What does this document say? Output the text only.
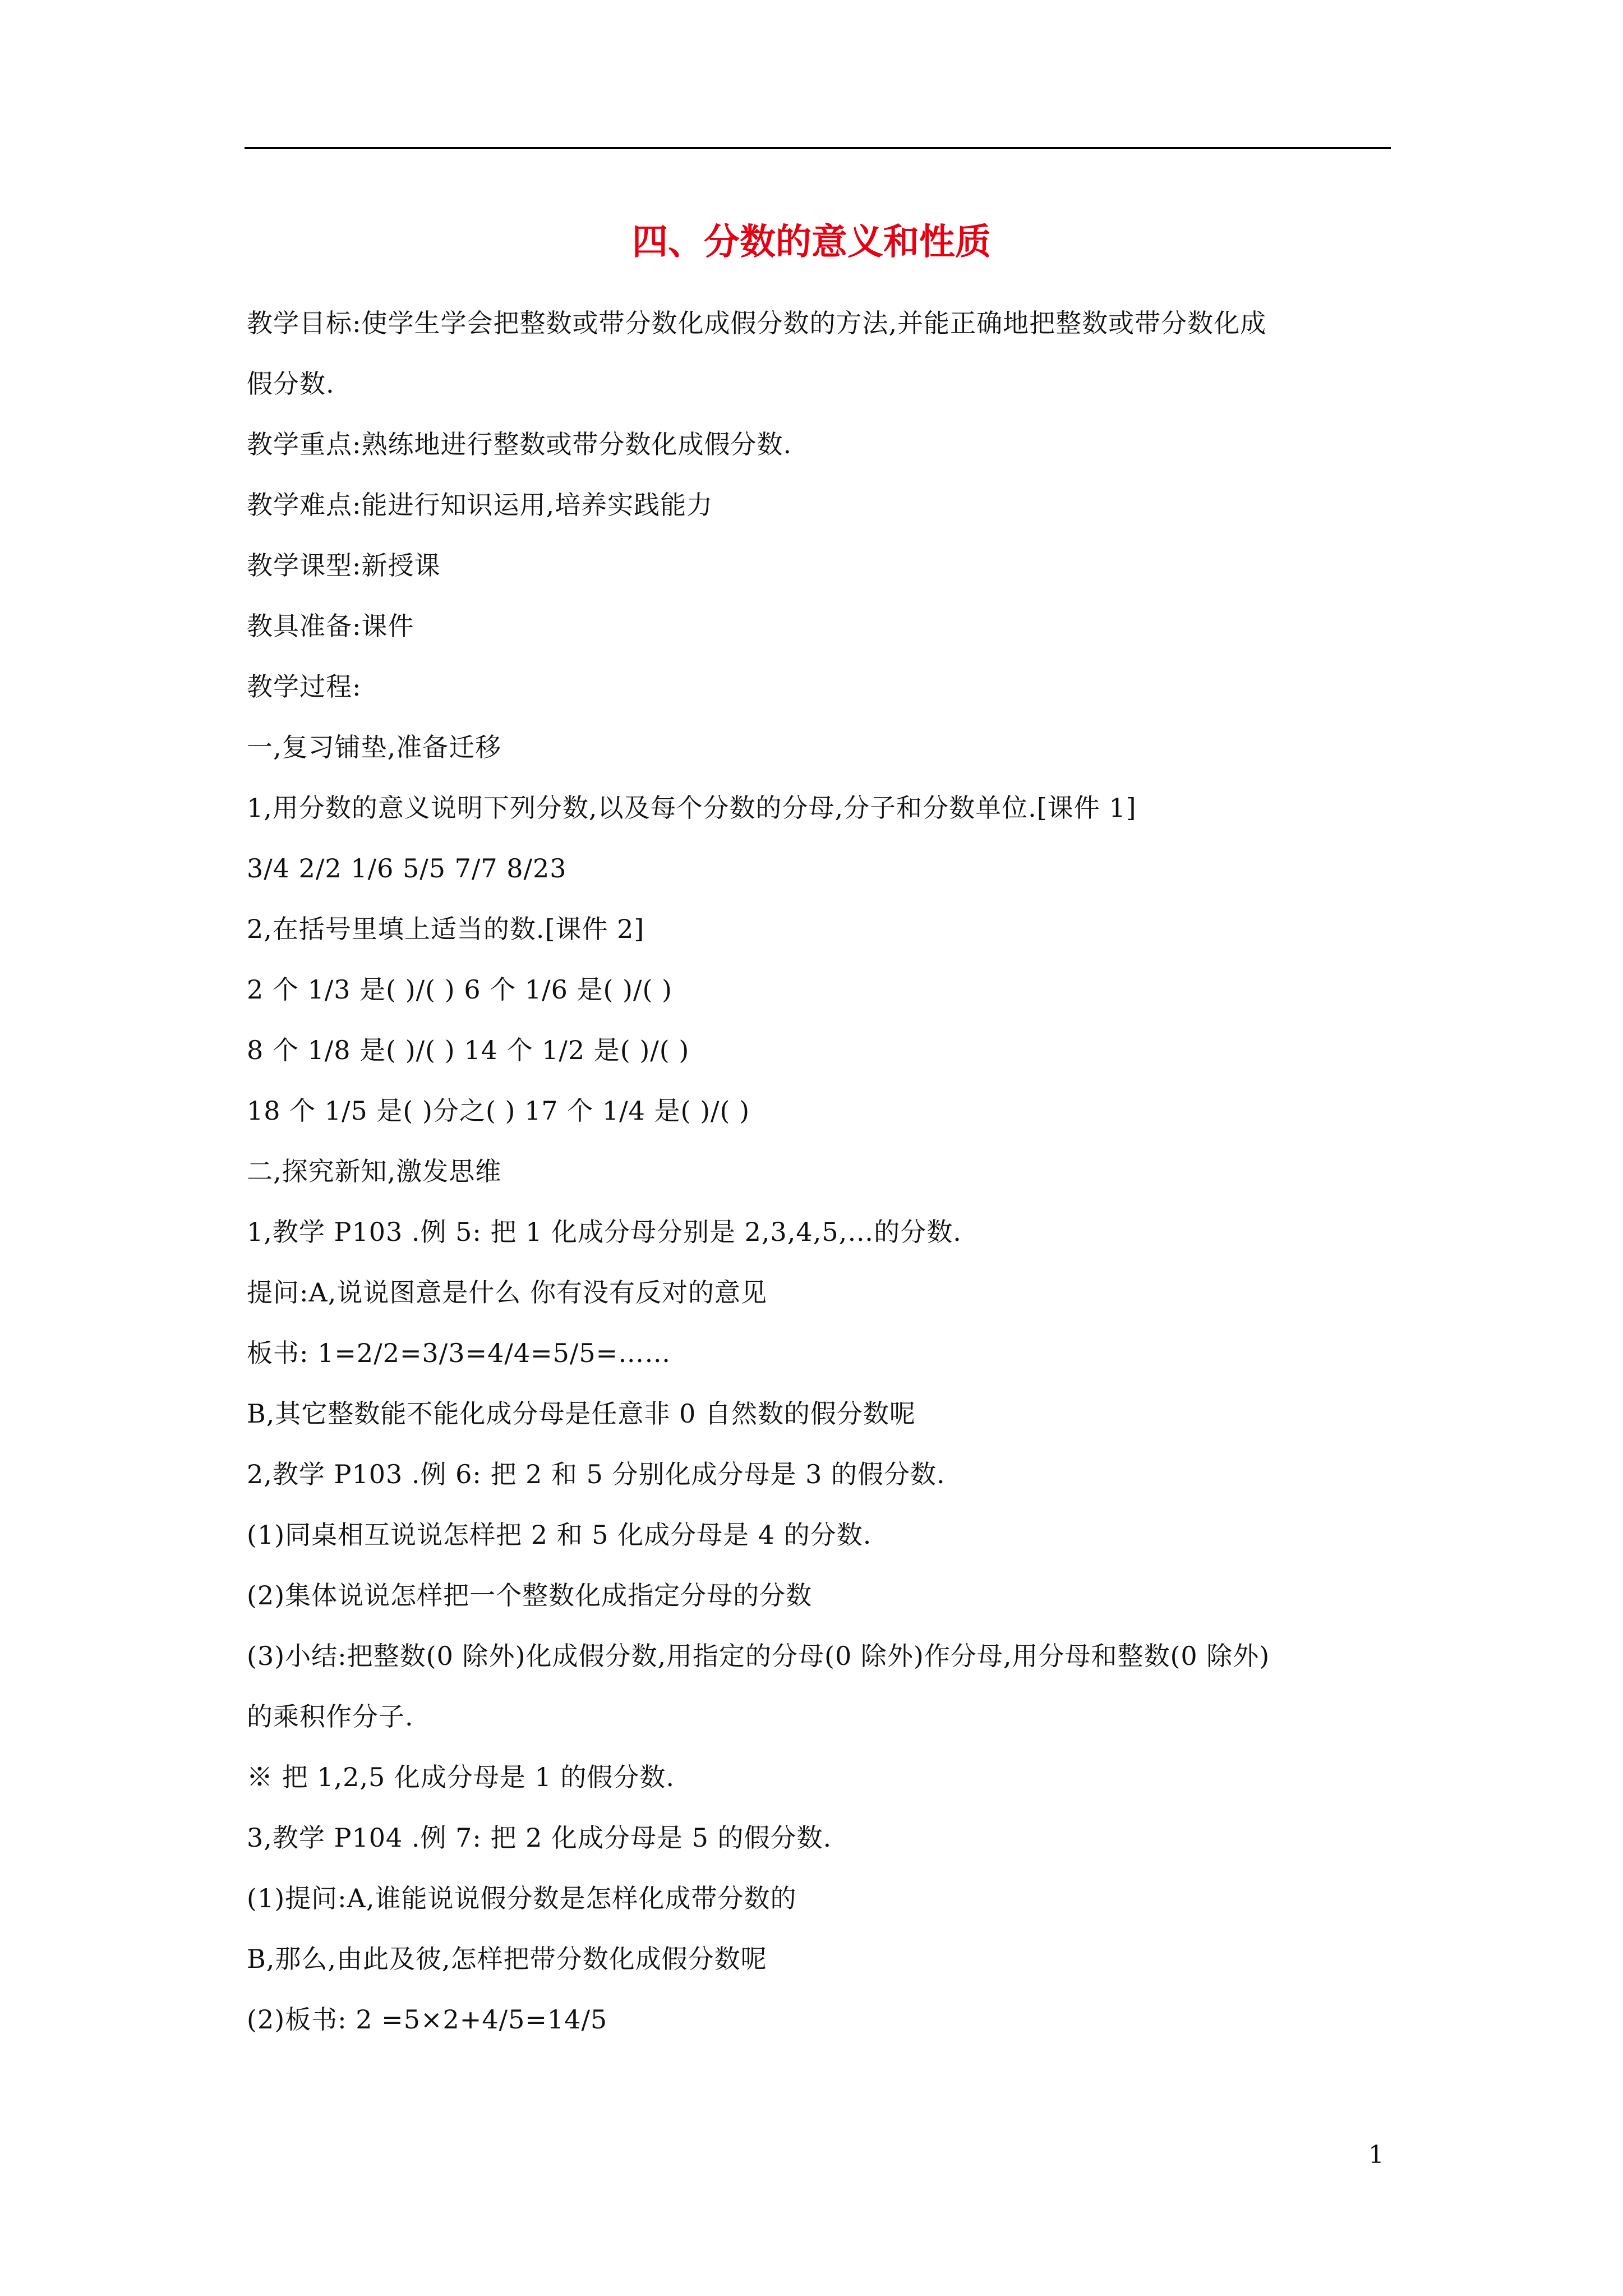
四、分数的意义和性质
教学目标:使学生学会把整数或带分数化成假分数的方法,并能正确地把整数或带分数化成
假分数.
教学重点:熟练地进行整数或带分数化成假分数.
教学难点:能进行知识运用,培养实践能力
教学课型:新授课
教具准备:课件
教学过程:
一,复习铺垫,准备迁移
1,用分数的意义说明下列分数,以及每个分数的分母,分子和分数单位.[课件 1]
3/4 2/2 1/6 5/5 7/7 8/23
2,在括号里填上适当的数.[课件 2]
2 个 1/3 是( )/( ) 6 个 1/6 是( )/( )
8 个 1/8 是( )/( ) 14 个 1/2 是( )/( )
18 个 1/5 是( )分之( ) 17 个 1/4 是( )/( )
二,探究新知,激发思维
1,教学 P103 .例 5: 把 1 化成分母分别是 2,3,4,5,…的分数.
提问:A,说说图意是什么 你有没有反对的意见
板书: 1=2/2=3/3=4/4=5/5=……
B,其它整数能不能化成分母是任意非 0 自然数的假分数呢
2,教学 P103 .例 6: 把 2 和 5 分别化成分母是 3 的假分数.
(1)同桌相互说说怎样把 2 和 5 化成分母是 4 的分数.
(2)集体说说怎样把一个整数化成指定分母的分数
(3)小结:把整数(0 除外)化成假分数,用指定的分母(0 除外)作分母,用分母和整数(0 除外)
的乘积作分子.
※ 把 1,2,5 化成分母是 1 的假分数.
3,教学 P104 .例 7: 把 2 化成分母是 5 的假分数.
(1)提问:A,谁能说说假分数是怎样化成带分数的
B,那么,由此及彼,怎样把带分数化成假分数呢
(2)板书: 2 =5×2+4/5=14/5
1
